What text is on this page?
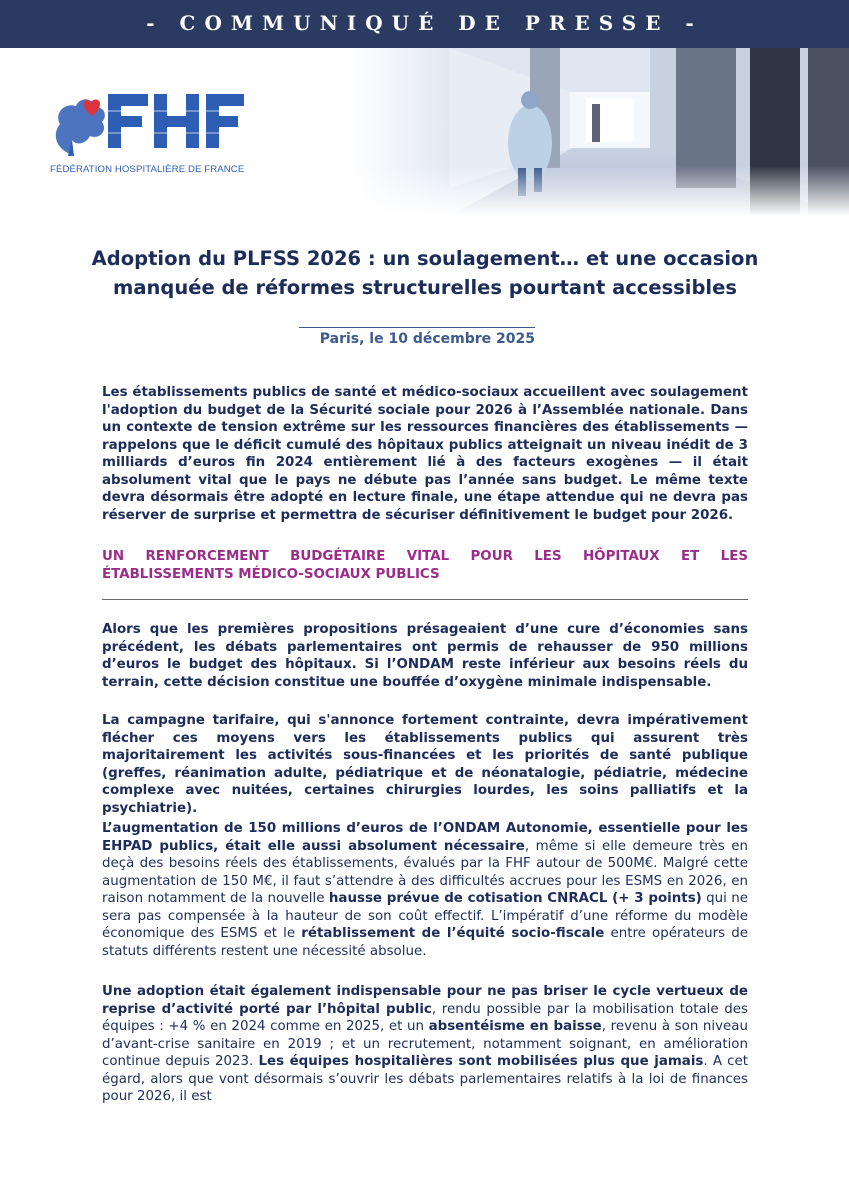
- COMMUNIQUÉ DE PRESSE -
FÉDÉRATION HOSPITALIÈRE DE FRANCE
Adoption du PLFSS 2026 : un soulagement… et une occasion manquée de réformes structurelles pourtant accessibles
Paris, le 10 décembre 2025

Les établissements publics de santé et médico-sociaux accueillent avec soulagement l'adoption du budget de la Sécurité sociale pour 2026 à l’Assemblée nationale. Dans un contexte de tension extrême sur les ressources financières des établissements — rappelons que le déficit cumulé des hôpitaux publics atteignait un niveau inédit de 3 milliards d’euros fin 2024 entièrement lié à des facteurs exogènes — il était absolument vital que le pays ne débute pas l’année sans budget. Le même texte devra désormais être adopté en lecture finale, une étape attendue qui ne devra pas réserver de surprise et permettra de sécuriser définitivement le budget pour 2026.

UN RENFORCEMENT BUDGÉTAIRE VITAL POUR LES HÔPITAUX ET LES ÉTABLISSEMENTS MÉDICO-SOCIAUX PUBLICS

Alors que les premières propositions présageaient d’une cure d’économies sans précédent, les débats parlementaires ont permis de rehausser de 950 millions d’euros le budget des hôpitaux. Si l’ONDAM reste inférieur aux besoins réels du terrain, cette décision constitue une bouffée d’oxygène minimale indispensable.

La campagne tarifaire, qui s'annonce fortement contrainte, devra impérativement flécher ces moyens vers les établissements publics qui assurent très majoritairement les activités sous-financées et les priorités de santé publique (greffes, réanimation adulte, pédiatrique et de néonatalogie, pédiatrie, médecine complexe avec nuitées, certaines chirurgies lourdes, les soins palliatifs et la psychiatrie).

L’augmentation de 150 millions d’euros de l’ONDAM Autonomie, essentielle pour les EHPAD publics, était elle aussi absolument nécessaire, même si elle demeure très en deçà des besoins réels des établissements, évalués par la FHF autour de 500M€. Malgré cette augmentation de 150 M€, il faut s’attendre à des difficultés accrues pour les ESMS en 2026, en raison notamment de la nouvelle hausse prévue de cotisation CNRACL (+ 3 points) qui ne sera pas compensée à la hauteur de son coût effectif. L’impératif d’une réforme du modèle économique des ESMS et le rétablissement de l’équité socio-fiscale entre opérateurs de statuts différents restent une nécessité absolue.

Une adoption était également indispensable pour ne pas briser le cycle vertueux de reprise d’activité porté par l’hôpital public, rendu possible par la mobilisation totale des équipes : +4 % en 2024 comme en 2025, et un absentéisme en baisse, revenu à son niveau d’avant-crise sanitaire en 2019 ; et un recrutement, notamment soignant, en amélioration continue depuis 2023. Les équipes hospitalières sont mobilisées plus que jamais. A cet égard, alors que vont désormais s’ouvrir les débats parlementaires relatifs à la loi de finances pour 2026, il est
